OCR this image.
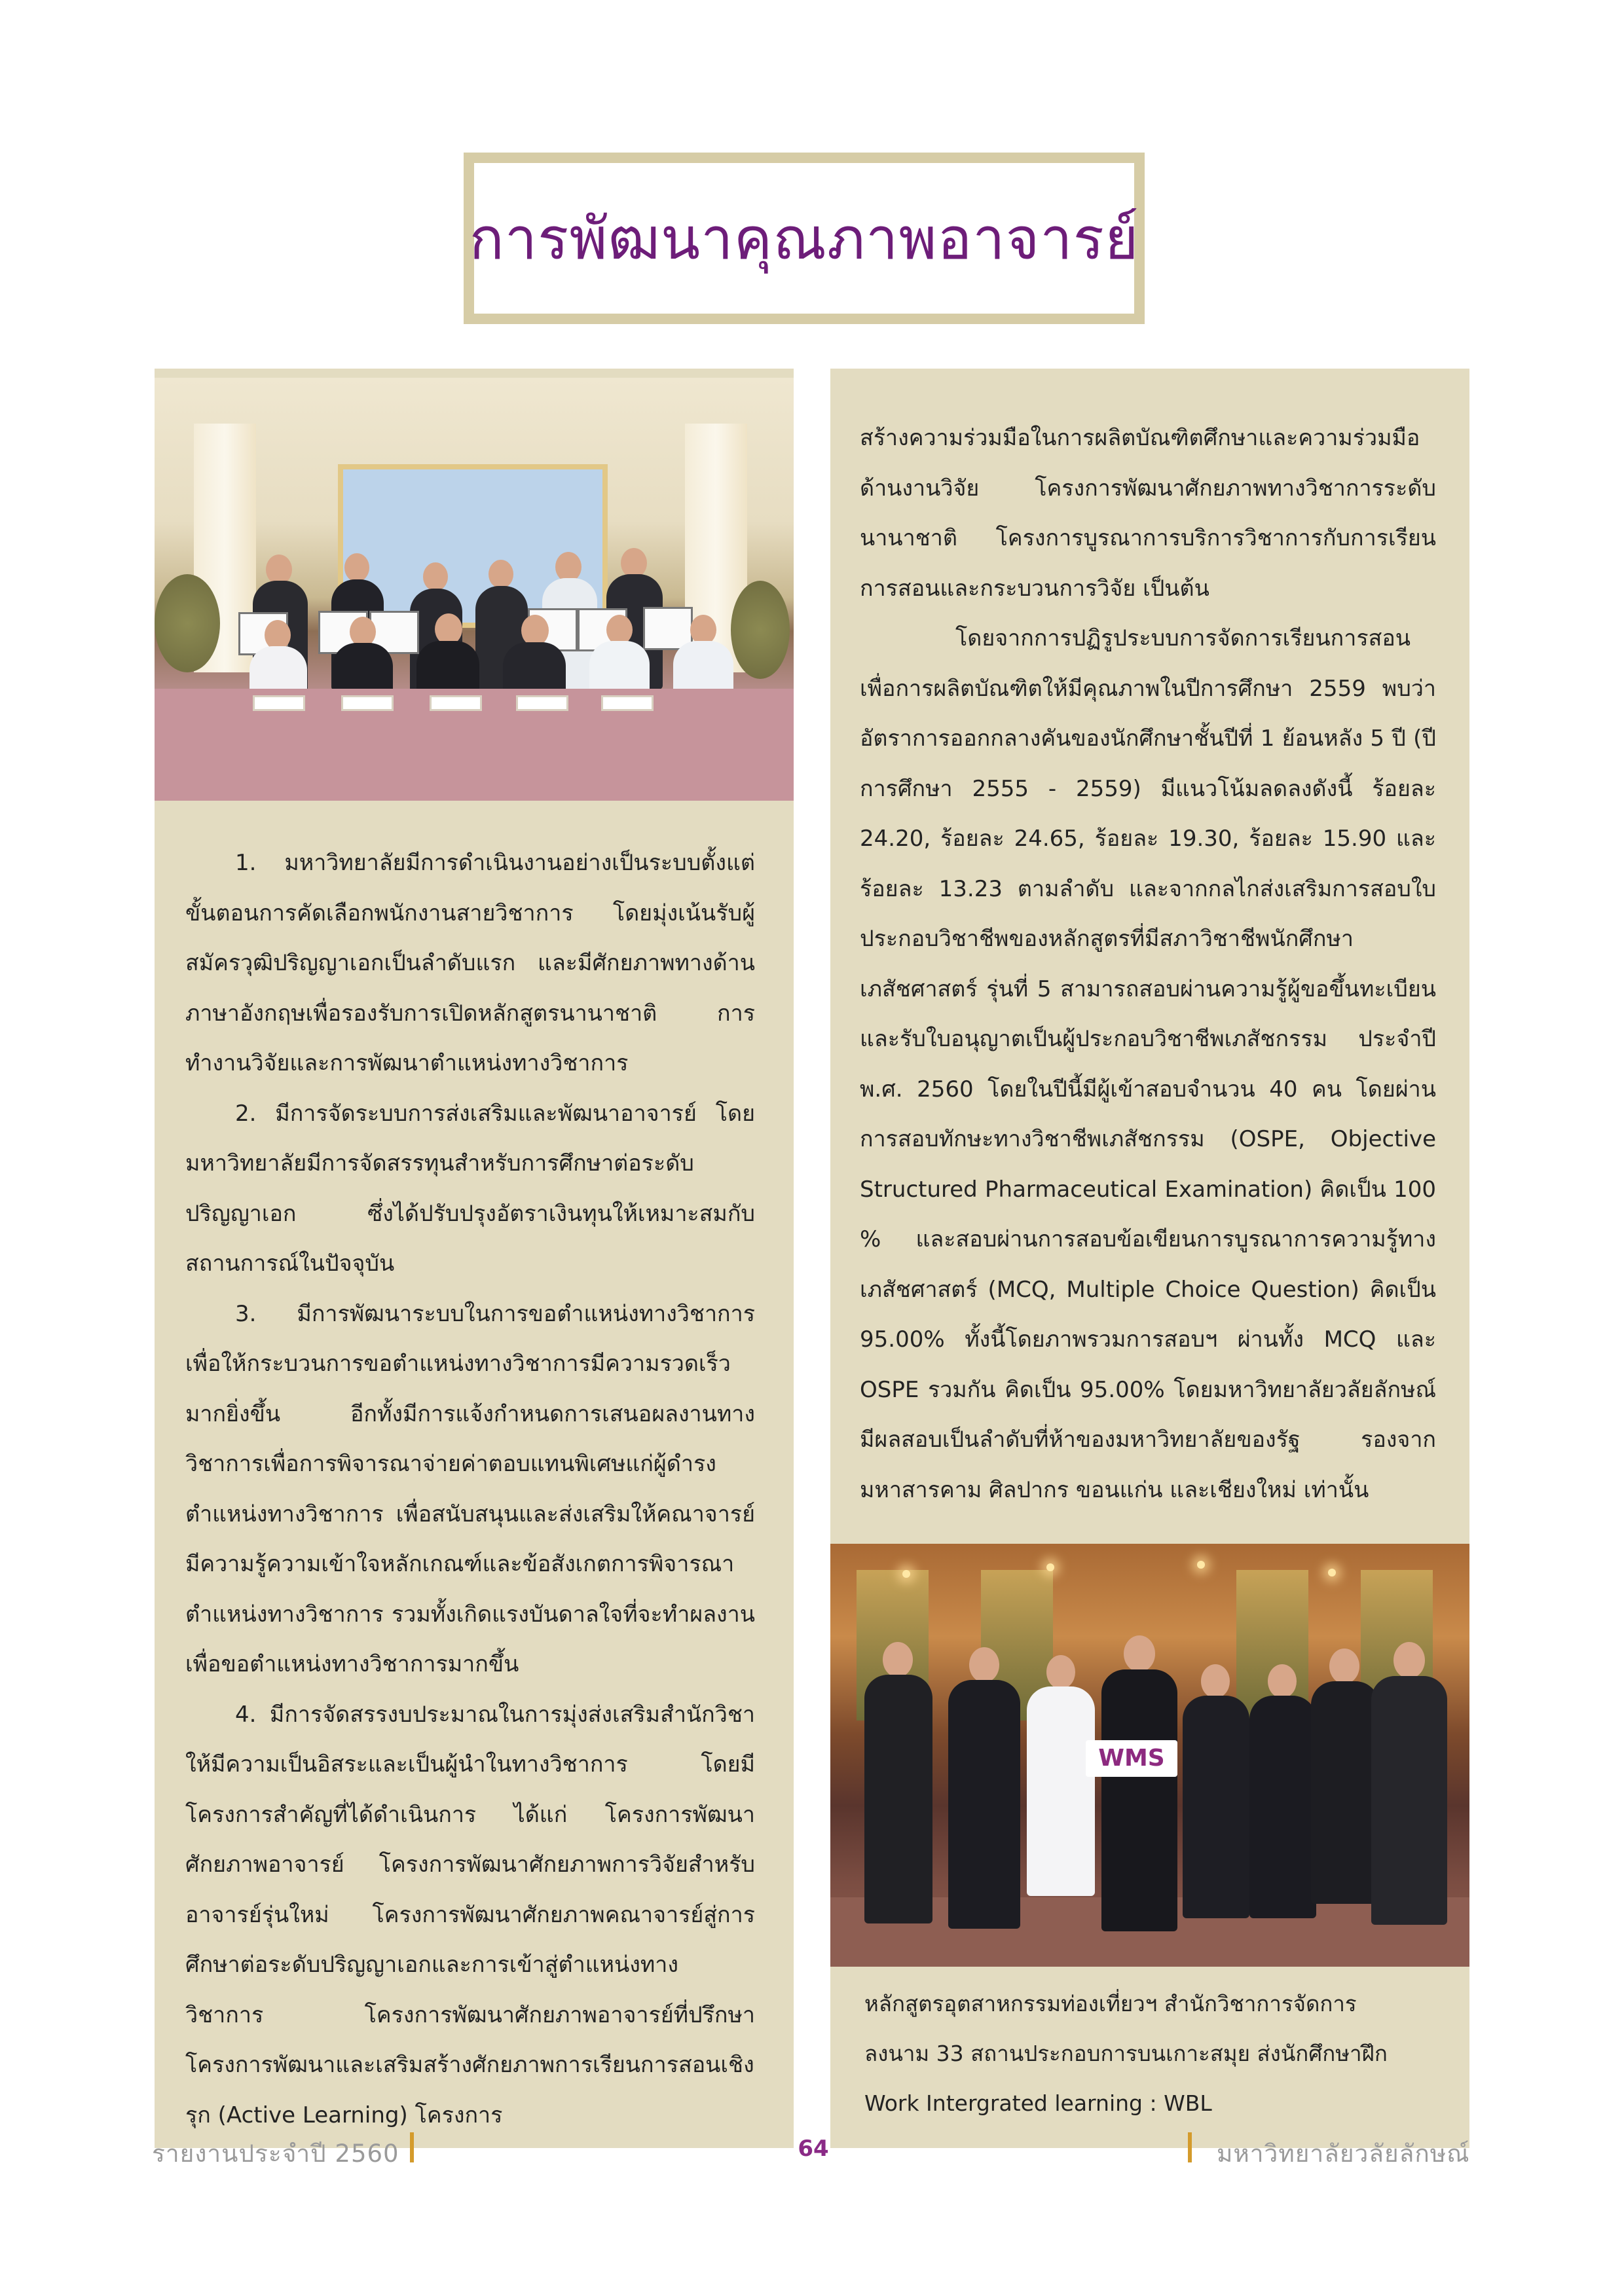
การพัฒนาคุณภาพอาจารย์
WMS

1. มหาวิทยาลัยมีการดำเนินงานอย่างเป็นระบบตั้งแต่ขั้นตอนการคัดเลือกพนักงานสายวิชาการ โดยมุ่งเน้นรับผู้สมัครวุฒิปริญญาเอกเป็นลำดับแรก และมีศักยภาพทางด้านภาษาอังกฤษเพื่อรองรับการเปิดหลักสูตรนานาชาติ การทำงานวิจัยและการพัฒนาตำแหน่งทางวิชาการ

2. มีการจัดระบบการส่งเสริมและพัฒนาอาจารย์ โดยมหาวิทยาลัยมีการจัดสรรทุนสำหรับการศึกษาต่อระดับปริญญาเอก ซึ่งได้ปรับปรุงอัตราเงินทุนให้เหมาะสมกับสถานการณ์ในปัจจุบัน

3. มีการพัฒนาระบบในการขอตำแหน่งทางวิชาการ เพื่อให้กระบวนการขอตำแหน่งทางวิชาการมีความรวดเร็วมากยิ่งขึ้น อีกทั้งมีการแจ้งกำหนดการเสนอผลงานทางวิชาการเพื่อการพิจารณาจ่ายค่าตอบแทนพิเศษแก่ผู้ดำรงตำแหน่งทางวิชาการ เพื่อสนับสนุนและส่งเสริมให้คณาจารย์มีความรู้ความเข้าใจหลักเกณฑ์และข้อสังเกตการพิจารณาตำแหน่งทางวิชาการ รวมทั้งเกิดแรงบันดาลใจที่จะทำผลงานเพื่อขอตำแหน่งทางวิชาการมากขึ้น

4. มีการจัดสรรงบประมาณในการมุ่งส่งเสริมสำนักวิชาให้มีความเป็นอิสระและเป็นผู้นำในทางวิชาการ โดยมีโครงการสำคัญที่ได้ดำเนินการ ได้แก่ โครงการพัฒนาศักยภาพอาจารย์ โครงการพัฒนาศักยภาพการวิจัยสำหรับอาจารย์รุ่นใหม่ โครงการพัฒนาศักยภาพคณาจารย์สู่การศึกษาต่อระดับปริญญาเอกและการเข้าสู่ตำแหน่งทางวิชาการ โครงการพัฒนาศักยภาพอาจารย์ที่ปรึกษา โครงการพัฒนาและเสริมสร้างศักยภาพการเรียนการสอนเชิงรุก (Active Learning) โครงการ

สร้างความร่วมมือในการผลิตบัณฑิตศึกษาและความร่วมมือด้านงานวิจัย โครงการพัฒนาศักยภาพทางวิชาการระดับนานาชาติ โครงการบูรณาการบริการวิชาการกับการเรียนการสอนและกระบวนการวิจัย เป็นต้น

โดยจากการปฏิรูประบบการจัดการเรียนการสอนเพื่อการผลิตบัณฑิตให้มีคุณภาพในปีการศึกษา 2559 พบว่า อัตราการออกกลางคันของนักศึกษาชั้นปีที่ 1 ย้อนหลัง 5 ปี (ปีการศึกษา 2555 - 2559) มีแนวโน้มลดลงดังนี้ ร้อยละ 24.20, ร้อยละ 24.65, ร้อยละ 19.30, ร้อยละ 15.90 และร้อยละ 13.23 ตามลำดับ และจากกลไกส่งเสริมการสอบใบประกอบวิชาชีพของหลักสูตรที่มีสภาวิชาชีพนักศึกษาเภสัชศาสตร์ รุ่นที่ 5 สามารถสอบผ่านความรู้ผู้ขอขึ้นทะเบียนและรับใบอนุญาตเป็นผู้ประกอบวิชาชีพเภสัชกรรม ประจำปี พ.ศ. 2560 โดยในปีนี้มีผู้เข้าสอบจำนวน 40 คน โดยผ่านการสอบทักษะทางวิชาชีพเภสัชกรรม (OSPE, Objective Structured Pharmaceutical Examination) คิดเป็น 100 % และสอบผ่านการสอบข้อเขียนการบูรณาการความรู้ทางเภสัชศาสตร์ (MCQ, Multiple Choice Question) คิดเป็น 95.00% ทั้งนี้โดยภาพรวมการสอบฯ ผ่านทั้ง MCQ และ OSPE รวมกัน คิดเป็น 95.00% โดยมหาวิทยาลัยวลัยลักษณ์มีผลสอบเป็นลำดับที่ห้าของมหาวิทยาลัยของรัฐ รองจากมหาสารคาม ศิลปากร ขอนแก่น และเชียงใหม่ เท่านั้น

หลักสูตรอุตสาหกรรมท่องเที่ยวฯ สำนักวิชาการจัดการ

ลงนาม 33 สถานประกอบการบนเกาะสมุย ส่งนักศึกษาฝึก

Work Intergrated learning : WBL

รายงานประจำปี 2560	64	มหาวิทยาลัยวลัยลักษณ์
